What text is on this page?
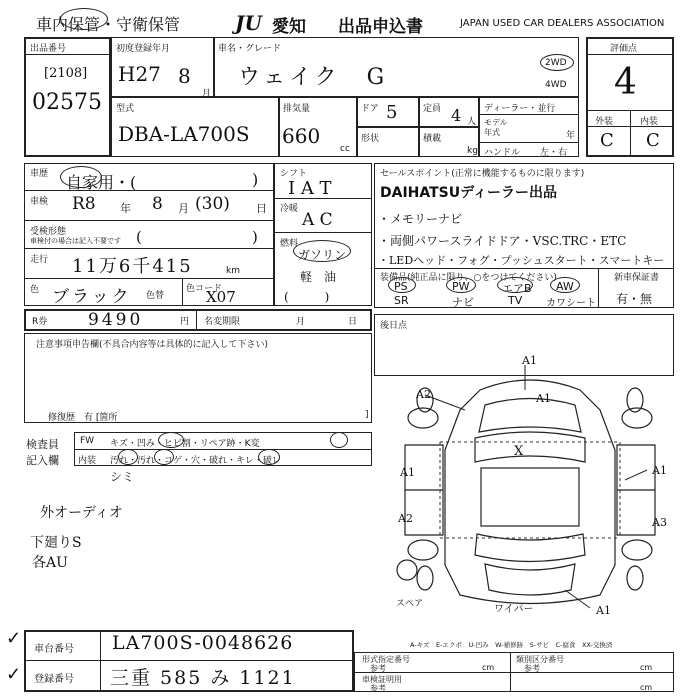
車内保管・守衛保管	JU 愛知 出品申込書	JAPAN USED CAR DEALERS ASSOCIATION
出品番号
[2108]
02575
初度登録年月
H27 8
月
車名・グレード
ウェイク　G
2WD
4WD
評価点
4
外装	内装
C C
型式
DBA-LA700S
排気量
660
cc
ドア 5	定員 4 人
ディーラー・並行
モデル年式	年
ハンドル 左・右
形状	積載
kg
車歴 自家用・(	)
車検 R8 年 8 月 (30) 日
受検形態
車検付の場合は記入不要です (	)
走行 11万6千415	km
色 ブラック 色替
色コード
X07
シフト
I A T
冷暖
A C
燃料
ガソリン
軽　油
(　　　)
セールスポイント(正常に機能するものに限ります)
DAIHATSUディーラー出品
・メモリーナビ
・両側パワースライドドア・VSC.TRC・ETC
・LEDヘッド・フォグ・プッシュスタート・スマートキー
装備品(純正品に限り、○をつけてください)	新車保証書
有・無
PS	PW	エアB AW
SR	ナビ	TV カワシート
R券 9490	円 名変期限	月	日	後日点
注意事項申告欄(不具合内容等は具体的に記入して下さい)
修復歴　有 [箇所	]
検査員
記入欄
FW キズ・凹み・ヒビ割・リペア跡・K変
内装 汚れ・汚れ・コゲ・穴・破れ・キレ・破レ
シミ
外オーディオ
下廻りS
各AU
A1
A2	A1
X
A1	A1
A2	A3
A1
スペア	ワイパー
A-キズ　E-エクボ　U-凹み　W-補修跡　S-サビ　C-腐食　XX-交換済
✓
✓
車台番号 LA700S-0048626
登録番号 三重 585 み 1121
形式指定番号
参考	cm
類別区分番号
参考	cm
車検証明用
参考	cm
